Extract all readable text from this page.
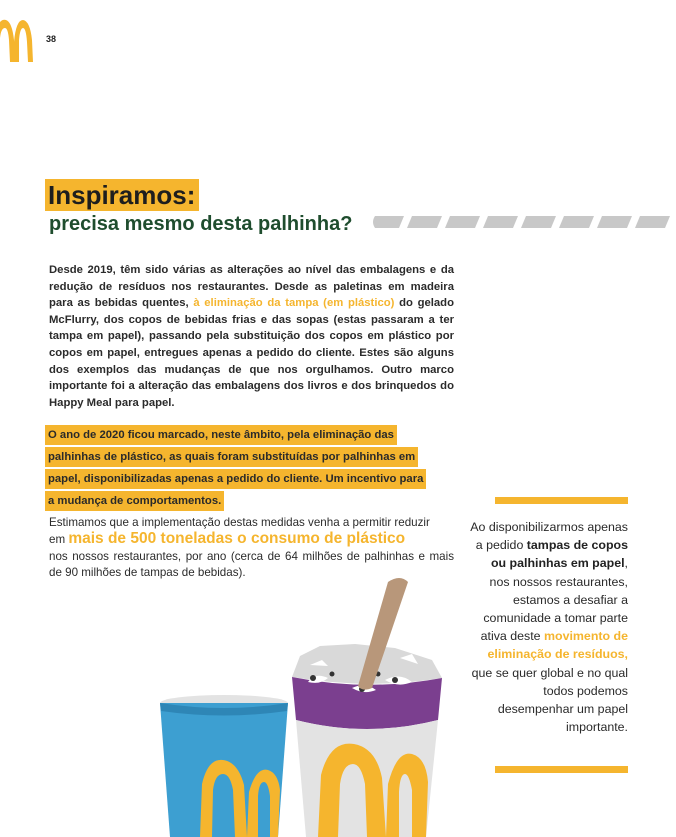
38
Inspiramos:
precisa mesmo desta palhinha?
Desde 2019, têm sido várias as alterações ao nível das embalagens e da redução de resíduos nos restaurantes. Desde as paletinas em madeira para as bebidas quentes, à eliminação da tampa (em plástico) do gelado McFlurry, dos copos de bebidas frias e das sopas (estas passaram a ter tampa em papel), passando pela substituição dos copos em plástico por copos em papel, entregues apenas a pedido do cliente. Estes são alguns dos exemplos das mudanças de que nos orgulhamos. Outro marco importante foi a alteração das embalagens dos livros e dos brinquedos do Happy Meal para papel.
O ano de 2020 ficou marcado, neste âmbito, pela eliminação das
palhinhas de plástico, as quais foram substituídas por palhinhas em
papel, disponibilizadas apenas a pedido do cliente. Um incentivo para
a mudança de comportamentos.
Estimamos que a implementação destas medidas venha a permitir reduzir
em mais de 500 toneladas o consumo de plástico
nos nossos restaurantes, por ano (cerca de 64 milhões de palhinhas e mais de 90 milhões de tampas de bebidas).
Ao disponibilizarmos apenas a pedido tampas de copos ou palhinhas em papel, nos nossos restaurantes, estamos a desafiar a comunidade a tomar parte ativa deste movimento de eliminação de resíduos, que se quer global e no qual todos podemos desempenhar um papel importante.
